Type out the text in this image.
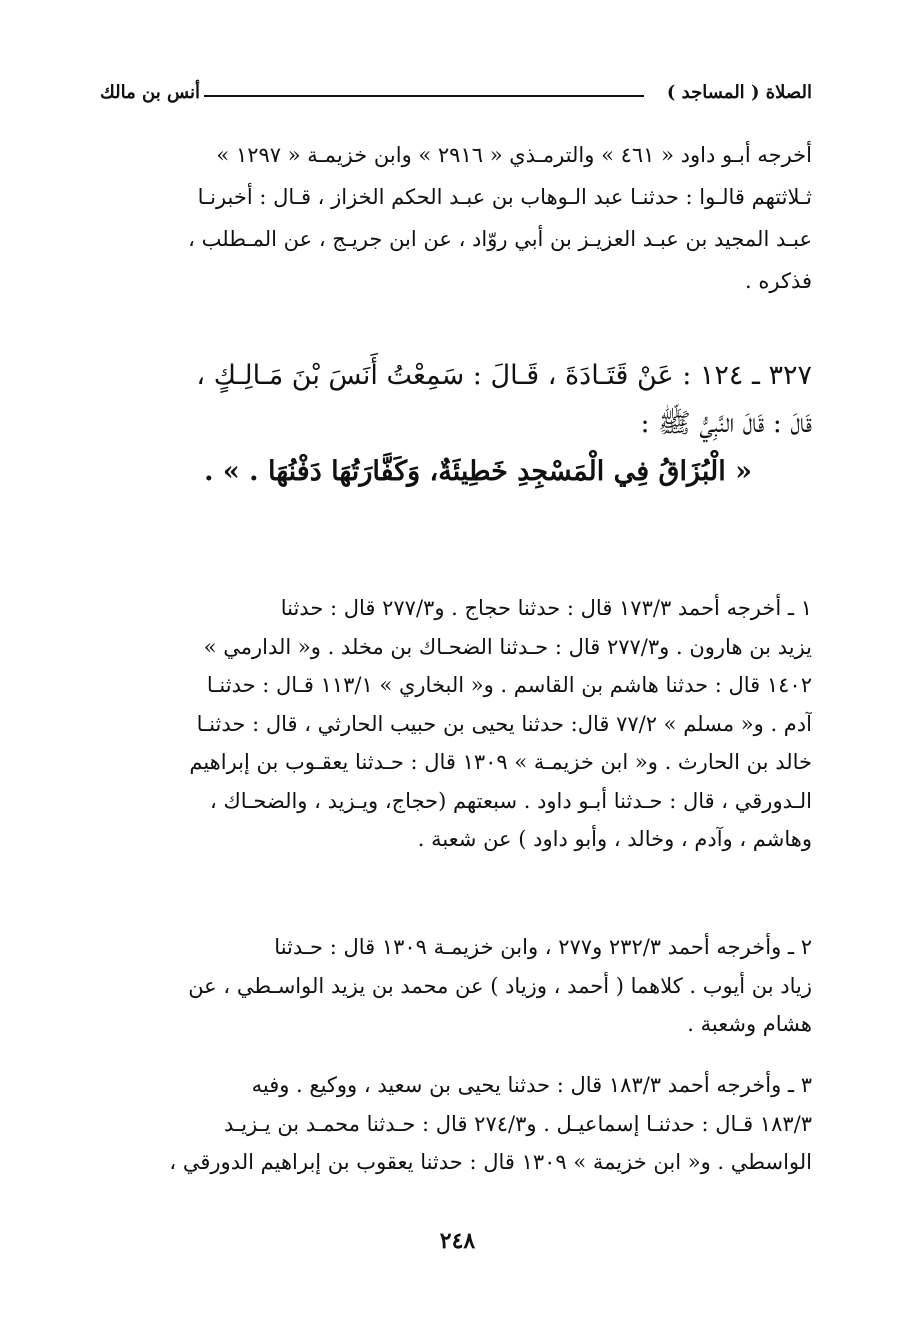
الصلاة ( المساجد )
أنس بن مالك
أخرجه أبـو داود « ٤٦١ » والترمـذي « ٢٩١٦ » وابن خزيمـة « ١٢٩٧ »
ثـلاثتهم قالـوا : حدثنـا عبد الـوهاب بن عبـد الحكم الخزاز ، قـال : أخبرنـا
عبـد المجيد بن عبـد العزيـز بن أبي روّاد ، عن ابن جريـج ، عن المـطلب ،
فذكره .
٣٢٧ ـ ١٢٤ : عَنْ قَتَـادَةَ ، قَـالَ : سَمِعْتُ أَنَسَ بْنَ مَـالِـكٍ ،
قَالَ : قَالَ النَّبِيُّ ﷺ :
« الْبُزَاقُ فِي الْمَسْجِدِ خَطِيئَةٌ، وَكَفَّارَتُهَا دَفْنُهَا . » .
١ ـ أخرجه أحمد ١٧٣/٣ قال : حدثنا حجاج . و٢٧٧/٣ قال : حدثنا
يزيد بن هارون . و٢٧٧/٣ قال : حـدثنا الضحـاك بن مخلد . و« الدارمي »
١٤٠٢ قال : حدثنا هاشم بن القاسم . و« البخاري » ١١٣/١ قـال : حدثنـا
آدم . و« مسلم » ٧٧/٢ قال: حدثنا يحيى بن حبيب الحارثي ، قال : حدثنـا
خالد بن الحارث . و« ابن خزيمـة » ١٣٠٩ قال : حـدثنا يعقـوب بن إبراهيم
الـدورقي ، قال : حـدثنا أبـو داود . سبعتهم (حجاج، ويـزيد ، والضحـاك ،
وهاشم ، وآدم ، وخالد ، وأبو داود ) عن شعبة .
٢ ـ وأخرجه أحمد ٢٣٢/٣ و٢٧٧ ، وابن خزيمـة ١٣٠٩ قال : حـدثنا
زياد بن أيوب . كلاهما ( أحمد ، وزياد ) عن محمد بن يزيد الواسـطي ، عن
هشام وشعبة .
٣ ـ وأخرجه أحمد ١٨٣/٣ قال : حدثنا يحيى بن سعيد ، ووكيع . وفيه
١٨٣/٣ قـال : حدثنـا إسماعيـل . و٢٧٤/٣ قال : حـدثنا محمـد بن يـزيـد
الواسطي . و« ابن خزيمة » ١٣٠٩ قال : حدثنا يعقوب بن إبراهيم الدورقي ،
٢٤٨
